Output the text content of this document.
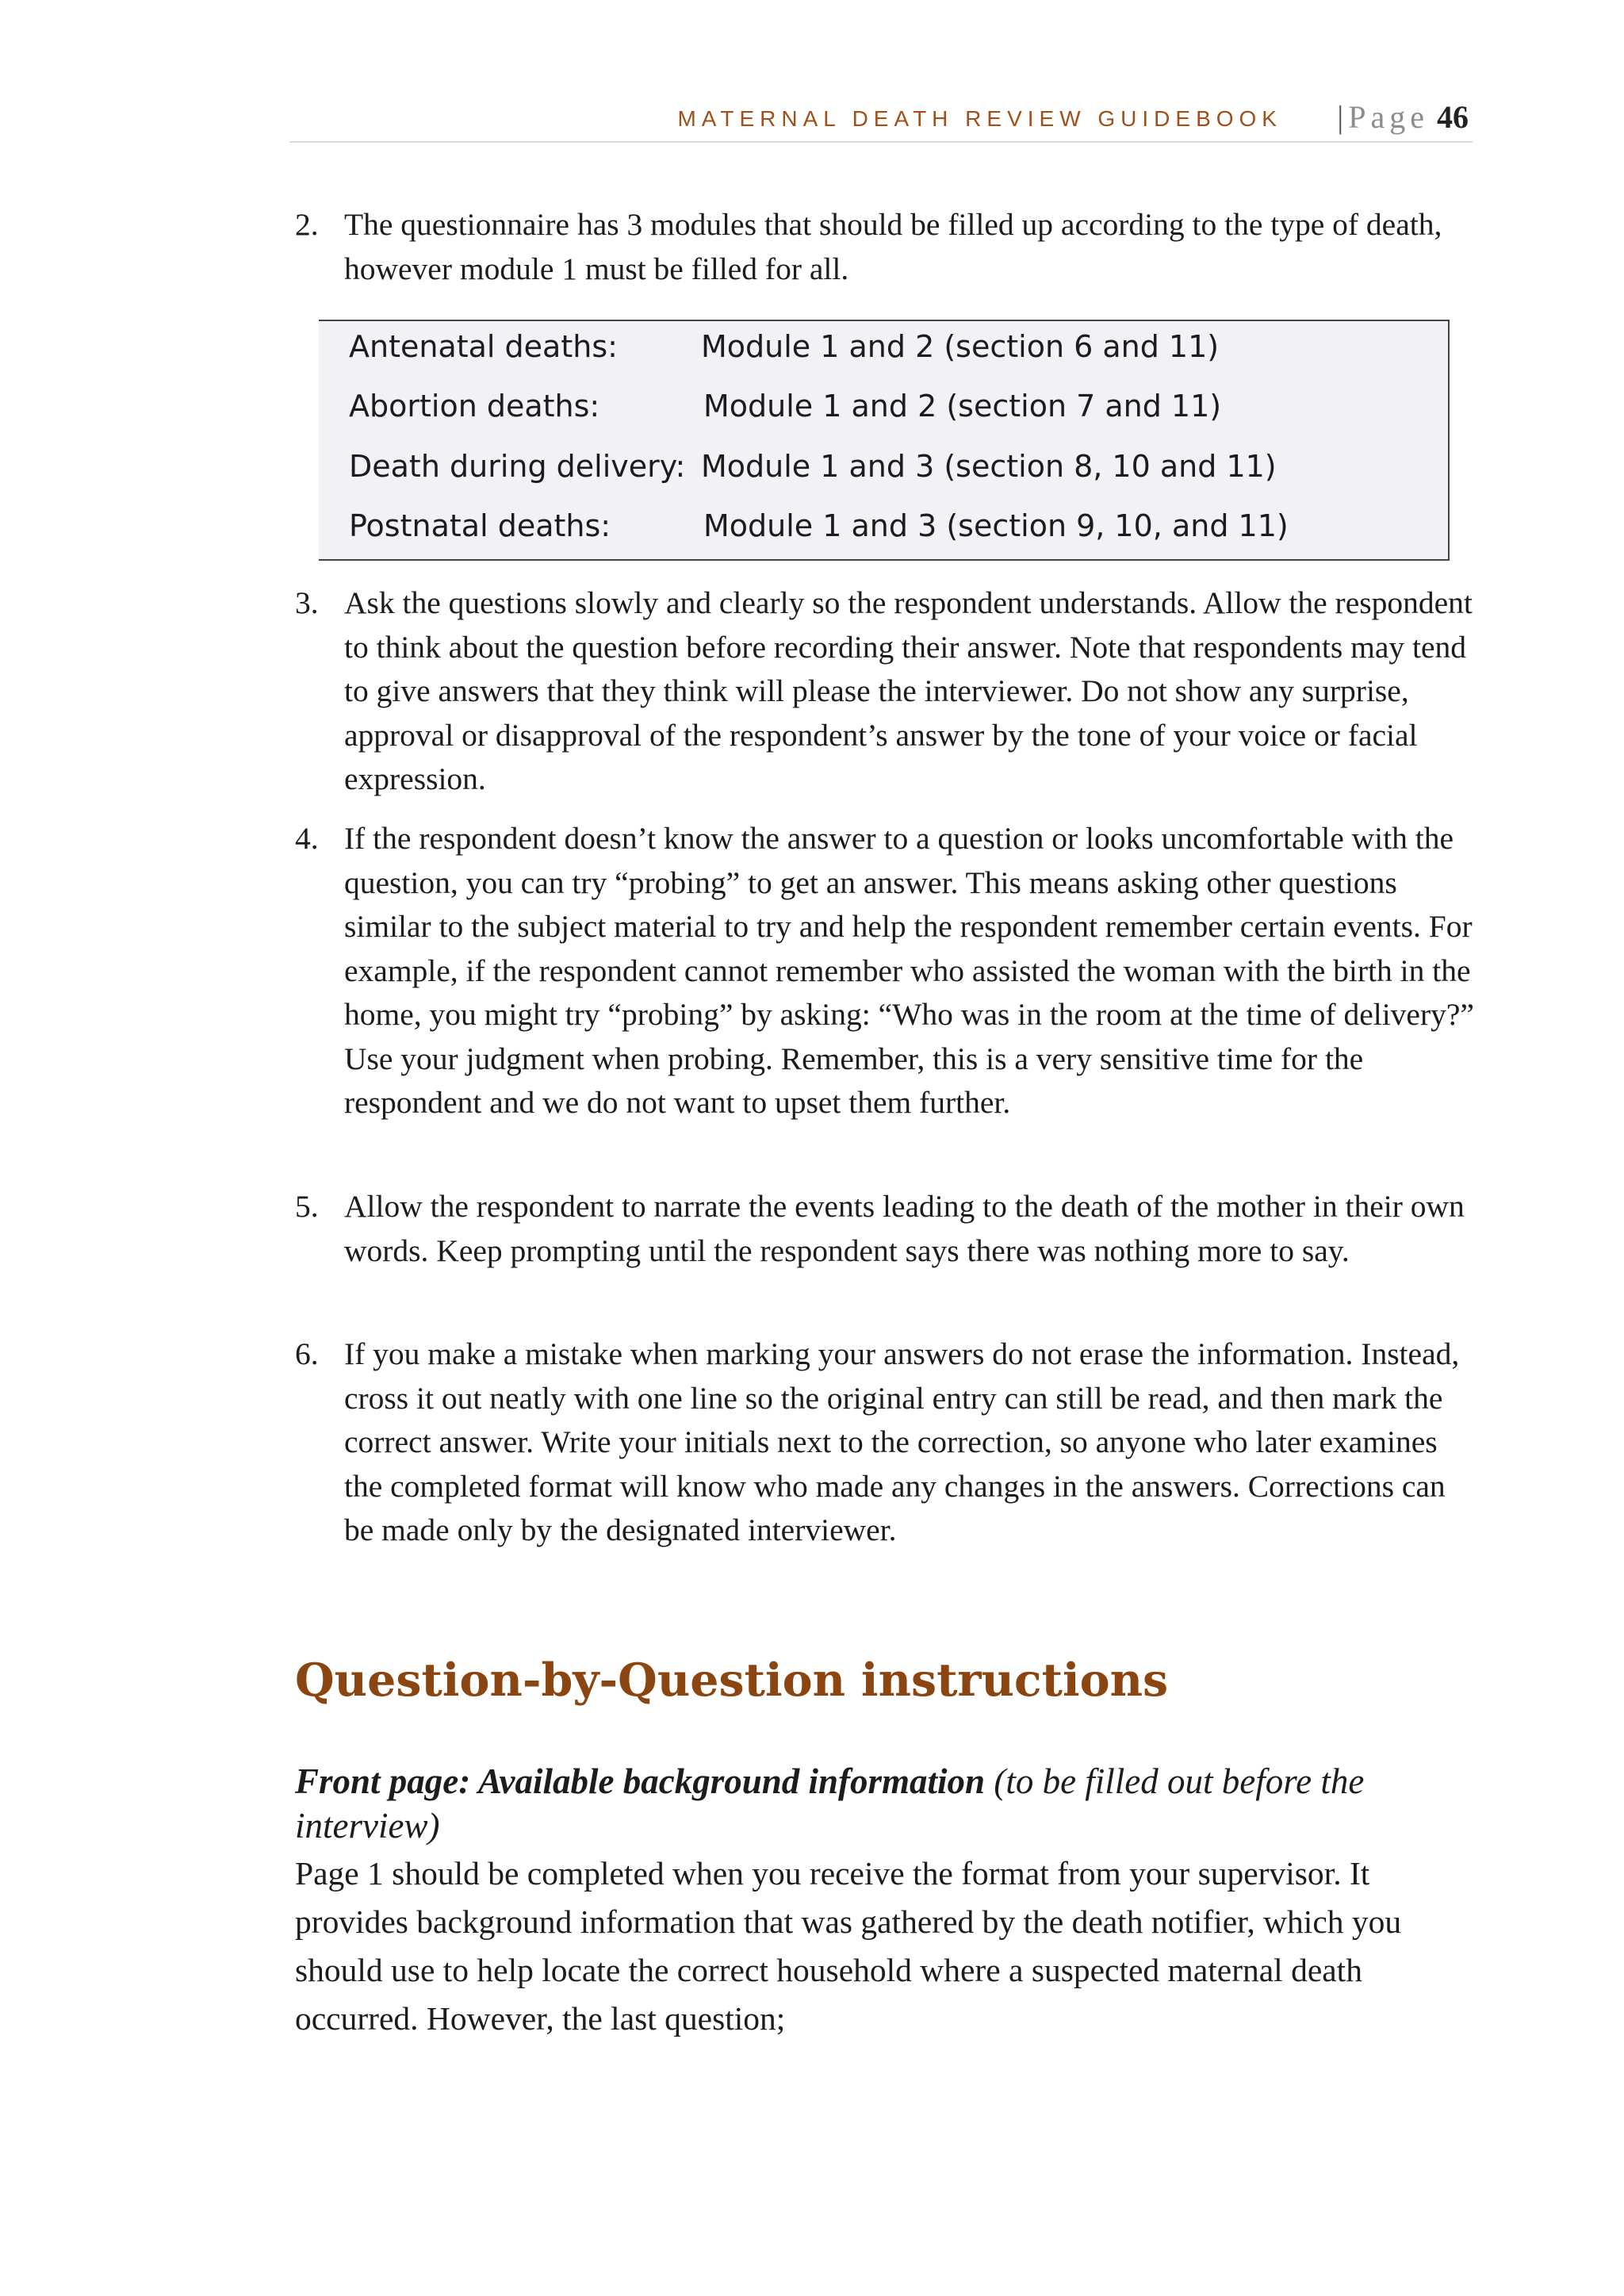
MATERNAL DEATH REVIEW GUIDEBOOK | Page 46
2. The questionnaire has 3 modules that should be filled up according to the type of death, however module 1 must be filled for all.
Antenatal deaths:	Module 1 and 2 (section 6 and 11)
Abortion deaths:	Module 1 and 2 (section 7 and 11)
Death during delivery: Module 1 and 3 (section 8, 10 and 11)
Postnatal deaths:	Module 1 and 3 (section 9, 10, and 11)
3. Ask the questions slowly and clearly so the respondent understands. Allow the respondent to think about the question before recording their answer. Note that respondents may tend to give answers that they think will please the interviewer. Do not show any surprise, approval or disapproval of the respondent’s answer by the tone of your voice or facial expression.
4. If the respondent doesn’t know the answer to a question or looks uncomfortable with the question, you can try “probing” to get an answer. This means asking other questions similar to the subject material to try and help the respondent remember certain events. For example, if the respondent cannot remember who assisted the woman with the birth in the home, you might try “probing” by asking: “Who was in the room at the time of delivery?” Use your judgment when probing. Remember, this is a very sensitive time for the respondent and we do not want to upset them further.
5. Allow the respondent to narrate the events leading to the death of the mother in their own words. Keep prompting until the respondent says there was nothing more to say.
6. If you make a mistake when marking your answers do not erase the information. Instead, cross it out neatly with one line so the original entry can still be read, and then mark the correct answer. Write your initials next to the correction, so anyone who later examines the completed format will know who made any changes in the answers. Corrections can be made only by the designated interviewer.
Question-by-Question instructions
Front page: Available background information (to be filled out before the interview)
Page 1 should be completed when you receive the format from your supervisor. It provides background information that was gathered by the death notifier, which you should use to help locate the correct household where a suspected maternal death occurred. However, the last question;
